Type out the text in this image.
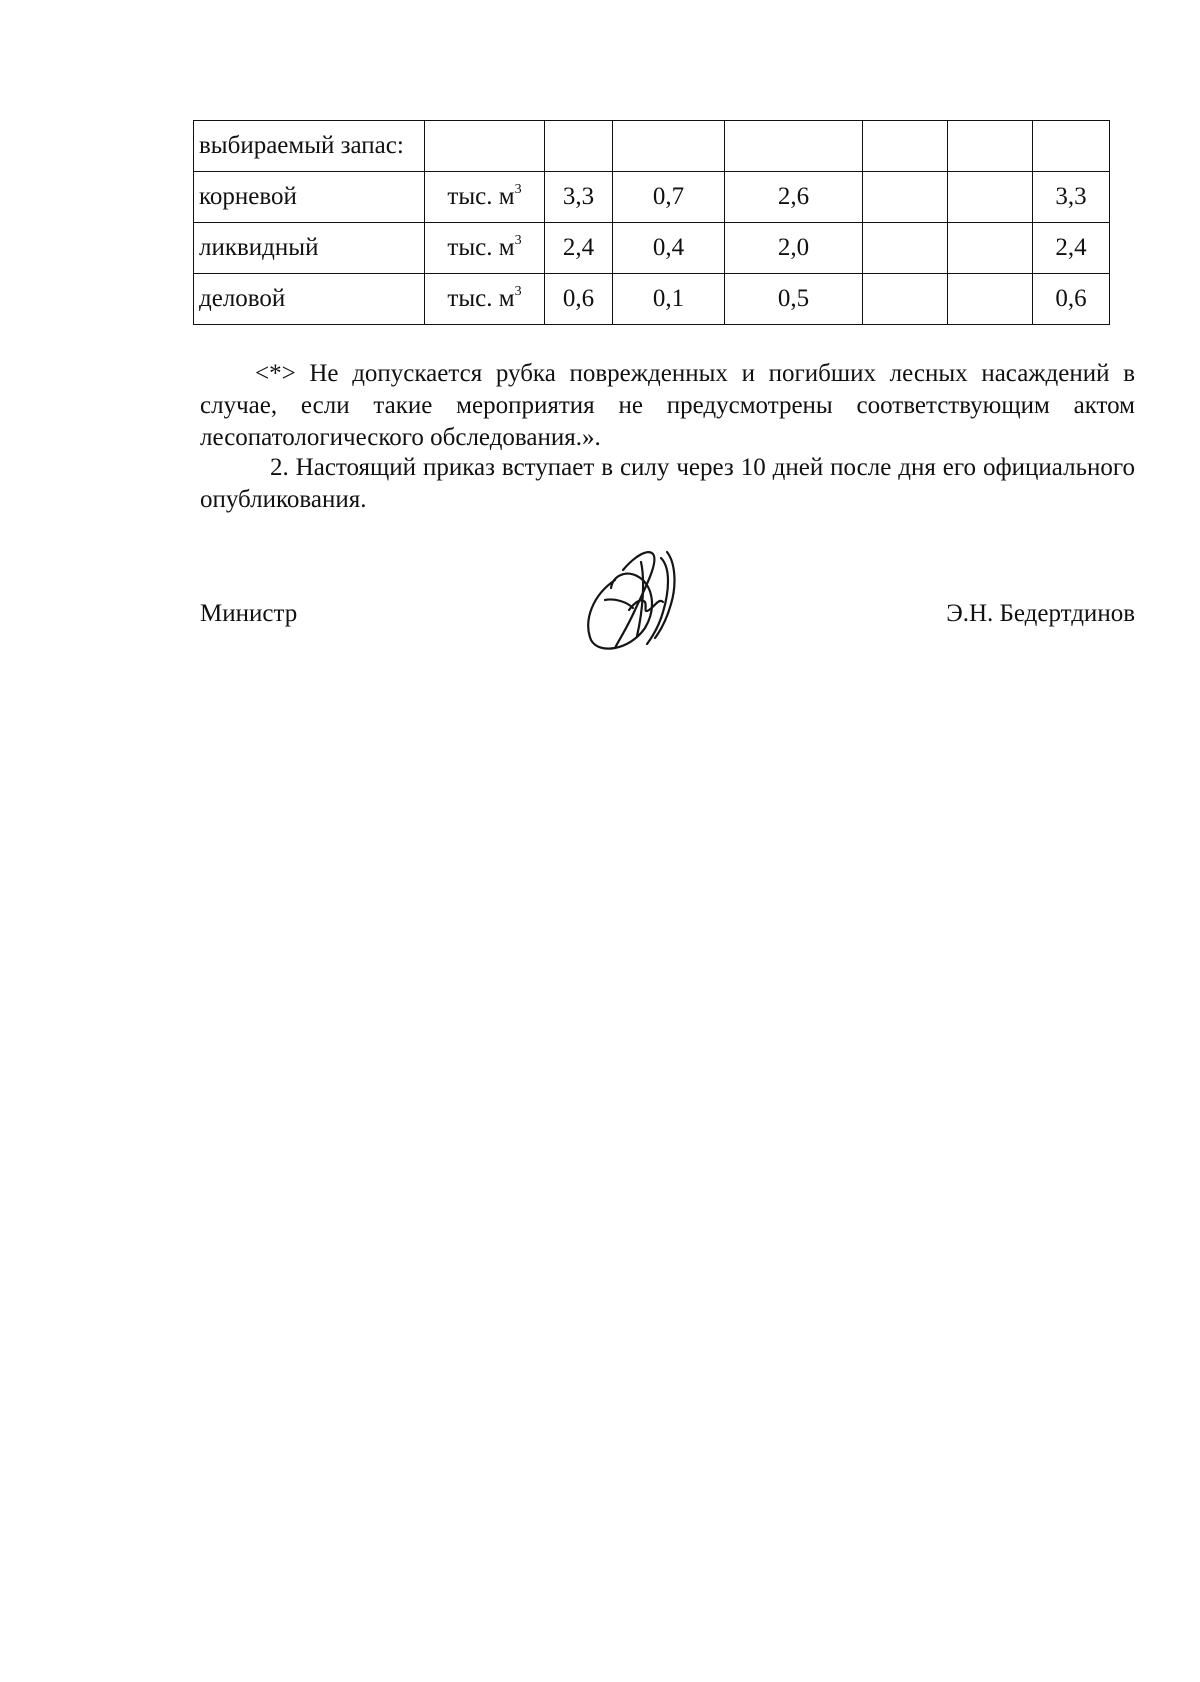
выбираемый запас:							
корневой	тыс. $м^3$	3,3	0,7	2,6			3,3
ликвидный	тыс. $м^3$	2,4	0,4	2,0			2,4
деловой	тыс. $м^3$	0,6	0,1	0,5			0,6

<*> Не допускается рубка поврежденных и погибших лесных насаждений в случае, если такие мероприятия не предусмотрены соответствующим актом лесопатологического обследования.».

2. Настоящий приказ вступает в силу через 10 дней после дня его официального опубликования.

Министр	Э.Н. Бедертдинов
